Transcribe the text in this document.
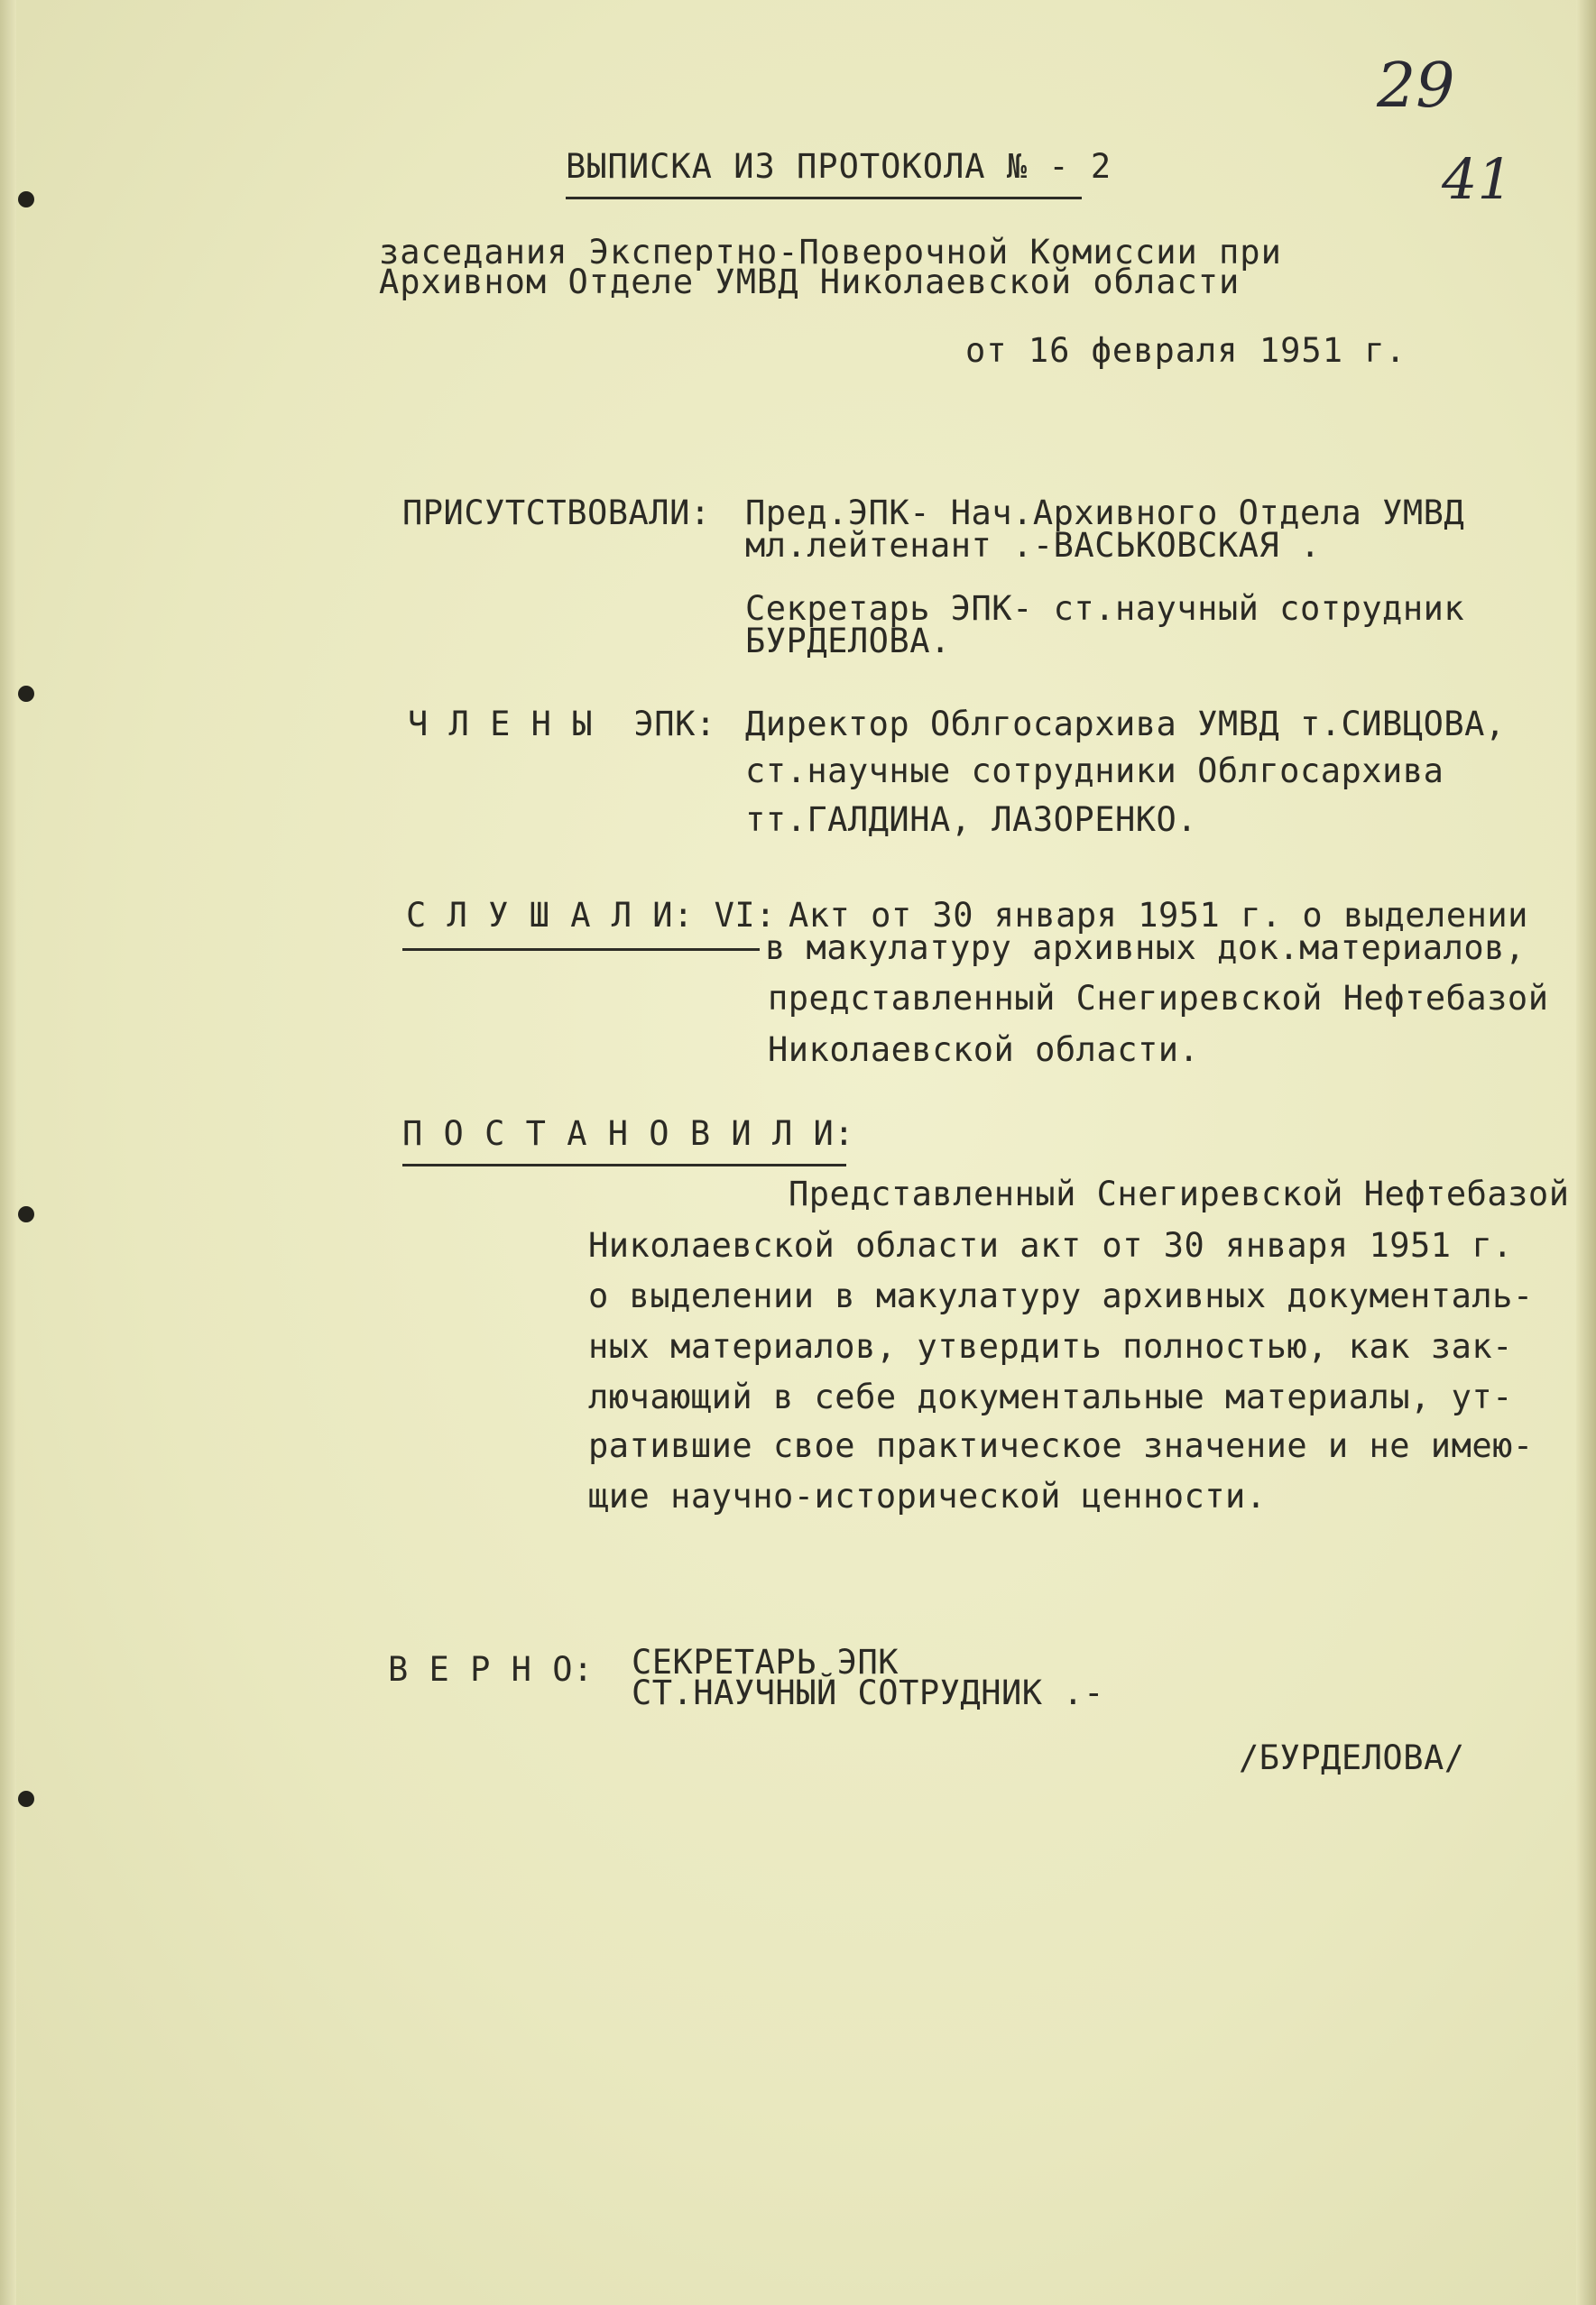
29
41
ВЫПИСКА ИЗ ПРОТОКОЛА № - 2
заседания Экспертно-Поверочной Комиссии при
Архивном Отделе УМВД Николаевской области
от 16 февраля 1951 г.
ПРИСУТСТВОВАЛИ: Пред.ЭПК- Нач.Архивного Отдела УМВД
мл.лейтенант .-ВАСЬКОВСКАЯ .
Секретарь ЭПК- ст.научный сотрудник
БУРДЕЛОВА.
Ч Л Е Н Ы  ЭПК: Директор Облгосархива УМВД т.СИВЦОВА,
ст.научные сотрудники Облгосархива
тт.ГАЛДИНА, ЛАЗОРЕНКО.
С Л У Ш А Л И: VI: Акт от 30 января 1951 г. о выделении
в макулатуру архивных док.материалов,
представленный Снегиревской Нефтебазой
Николаевской области.
П О С Т А Н О В И Л И:
Представленный Снегиревской Нефтебазой
Николаевской области акт от 30 января 1951 г.
о выделении в макулатуру архивных документаль-
ных материалов, утвердить полностью, как зак-
лючающий в себе документальные материалы, ут-
ратившие свое практическое значение и не имею-
щие научно-исторической ценности.
В Е Р Н О: СЕКРЕТАРЬ ЭПК
СТ.НАУЧНЫЙ СОТРУДНИК .-
/БУРДЕЛОВА/
